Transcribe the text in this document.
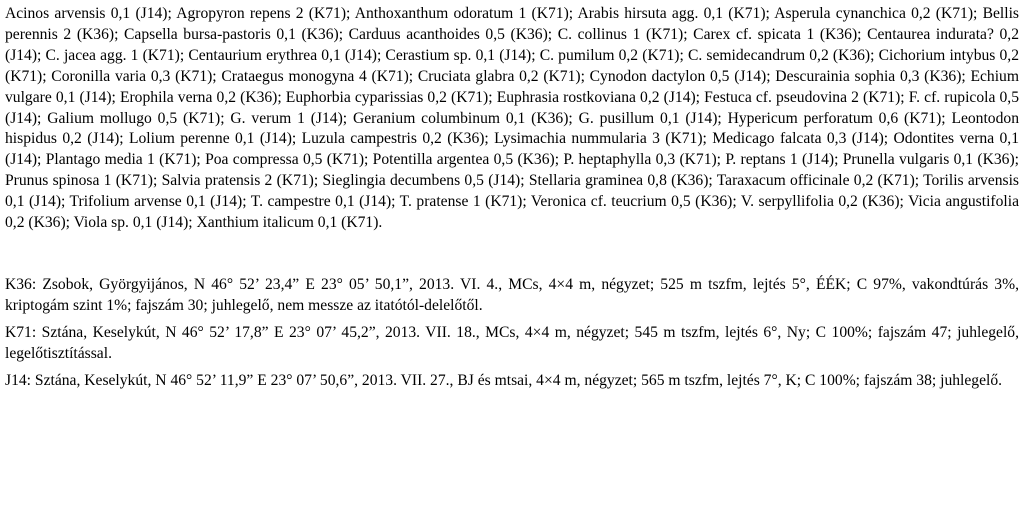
Acinos arvensis 0,1 (J14); Agropyron repens 2 (K71); Anthoxanthum odoratum 1 (K71); Arabis hirsuta agg. 0,1 (K71); Asperula cynanchica 0,2 (K71); Bellis perennis 2 (K36); Capsella bursa-pastoris 0,1 (K36); Carduus acanthoides 0,5 (K36); C. collinus 1 (K71); Carex cf. spicata 1 (K36); Centaurea indurata? 0,2 (J14); C. jacea agg. 1 (K71); Centaurium erythrea 0,1 (J14); Cerastium sp. 0,1 (J14); C. pumilum 0,2 (K71); C. semidecandrum 0,2 (K36); Cichorium intybus 0,2 (K71); Coronilla varia 0,3 (K71); Crataegus monogyna 4 (K71); Cruciata glabra 0,2 (K71); Cynodon dactylon 0,5 (J14); Descurainia sophia 0,3 (K36); Echium vulgare 0,1 (J14); Erophila verna 0,2 (K36); Euphorbia cyparissias 0,2 (K71); Euphrasia rostkoviana 0,2 (J14); Festuca cf. pseudovina 2 (K71); F. cf. rupicola 0,5 (J14); Galium mollugo 0,5 (K71); G. verum 1 (J14); Geranium columbinum 0,1 (K36); G. pusillum 0,1 (J14); Hypericum perforatum 0,6 (K71); Leontodon hispidus 0,2 (J14); Lolium perenne 0,1 (J14); Luzula campestris 0,2 (K36); Lysimachia nummularia 3 (K71); Medicago falcata 0,3 (J14); Odontites verna 0,1 (J14); Plantago media 1 (K71); Poa compressa 0,5 (K71); Potentilla argentea 0,5 (K36); P. heptaphylla 0,3 (K71); P. reptans 1 (J14); Prunella vulgaris 0,1 (K36); Prunus spinosa 1 (K71); Salvia pratensis 2 (K71); Sieglingia decumbens 0,5 (J14); Stellaria graminea 0,8 (K36); Taraxacum officinale 0,2 (K71); Torilis arvensis 0,1 (J14); Trifolium arvense 0,1 (J14); T. campestre 0,1 (J14); T. pratense 1 (K71); Veronica cf. teucrium 0,5 (K36); V. serpyllifolia 0,2 (K36); Vicia angustifolia 0,2 (K36); Viola sp. 0,1 (J14); Xanthium italicum 0,1 (K71).

K36: Zsobok, Györgyijános, N 46° 52’ 23,4” E 23° 05’ 50,1”, 2013. VI. 4., MCs, 4×4 m, négyzet; 525 m tszfm, lejtés 5°, ÉÉK; C 97%, vakondtúrás 3%, kriptogám szint 1%; fajszám 30; juhlegelő, nem messze az itatótól-delelőtől.

K71: Sztána, Keselykút, N 46° 52’ 17,8” E 23° 07’ 45,2”, 2013. VII. 18., MCs, 4×4 m, négyzet; 545 m tszfm, lejtés 6°, Ny; C 100%; fajszám 47; juhlegelő, legelőtisztítással.

J14: Sztána, Keselykút, N 46° 52’ 11,9” E 23° 07’ 50,6”, 2013. VII. 27., BJ és mtsai, 4×4 m, négyzet; 565 m tszfm, lejtés 7°, K; C 100%; fajszám 38; juhlegelő.
